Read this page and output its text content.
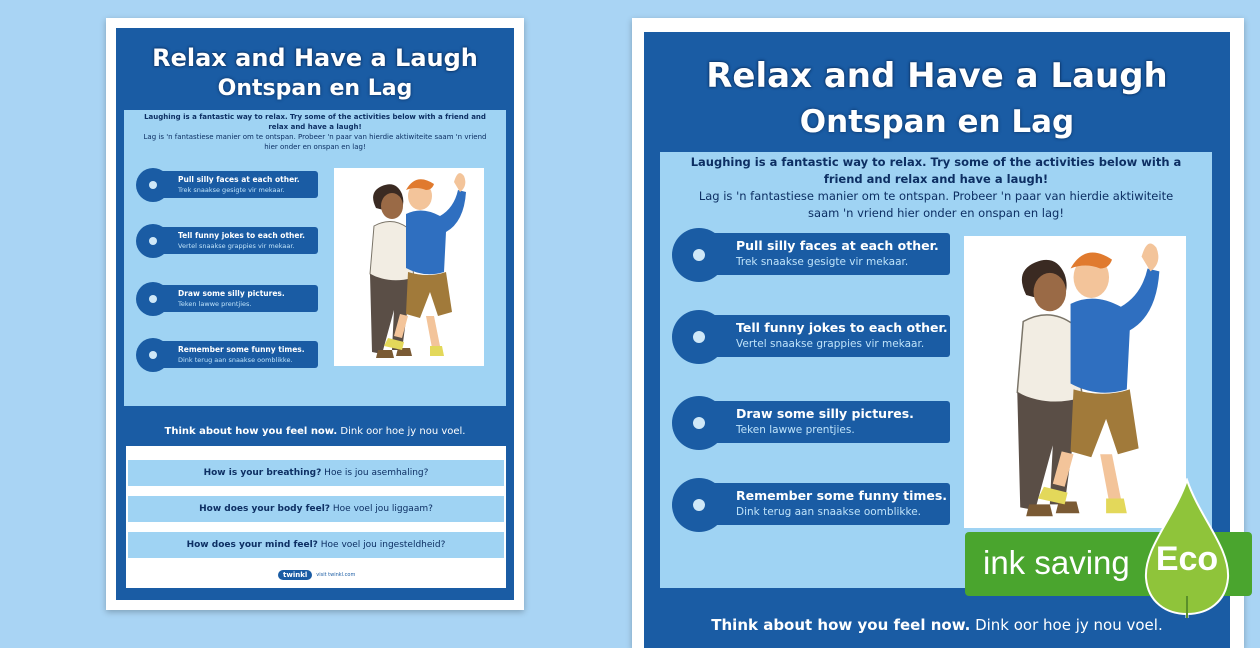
Relax and Have a Laugh
Ontspan en Lag
Laughing is a fantastic way to relax. Try some of the activities below with a friend and relax and have a laugh!
Lag is 'n fantastiese manier om te ontspan. Probeer 'n paar van hierdie aktiwiteite saam 'n vriend hier onder en onspan en lag!
Pull silly faces at each other.
Trek snaakse gesigte vir mekaar.
Tell funny jokes to each other.
Vertel snaakse grappies vir mekaar.
Draw some silly pictures.
Teken lawwe prentjies.
Remember some funny times.
Dink terug aan snaakse oomblikke.
Think about how you feel now. Dink oor hoe jy nou voel.
How is your breathing? Hoe is jou asemhaling?
How does your body feel? Hoe voel jou liggaam?
How does your mind feel? Hoe voel jou ingesteldheid?
twinkl	visit twinkl.com
Relax and Have a Laugh
Ontspan en Lag
Laughing is a fantastic way to relax. Try some of the activities below with a friend and relax and have a laugh!
Lag is 'n fantastiese manier om te ontspan. Probeer 'n paar van hierdie aktiwiteite saam 'n vriend hier onder en onspan en lag!
Pull silly faces at each other.
Trek snaakse gesigte vir mekaar.
Tell funny jokes to each other.
Vertel snaakse grappies vir mekaar.
Draw some silly pictures.
Teken lawwe prentjies.
Remember some funny times.
Dink terug aan snaakse oomblikke.
Think about how you feel now. Dink oor hoe jy nou voel.
ink saving Eco
